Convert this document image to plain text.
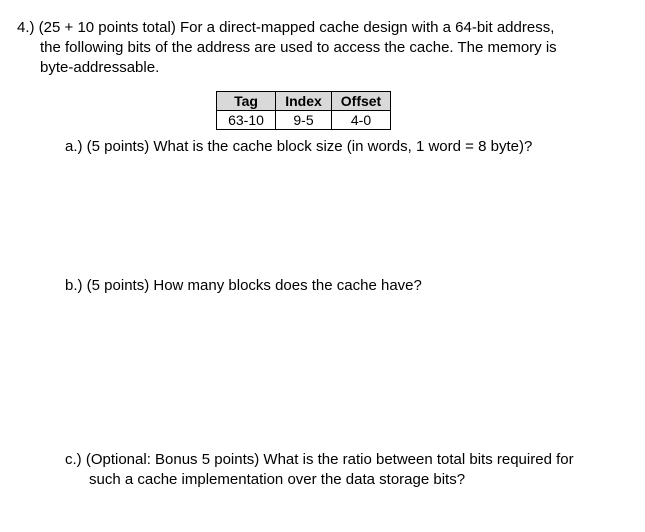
4.) (25 + 10 points total) For a direct-mapped cache design with a 64-bit address,
the following bits of the address are used to access the cache. The memory is
byte-addressable.
Tag	Index	Offset
63-10	9-5	4-0
a.) (5 points) What is the cache block size (in words, 1 word = 8 byte)?
b.) (5 points) How many blocks does the cache have?
c.) (Optional: Bonus 5 points) What is the ratio between total bits required for
such a cache implementation over the data storage bits?
